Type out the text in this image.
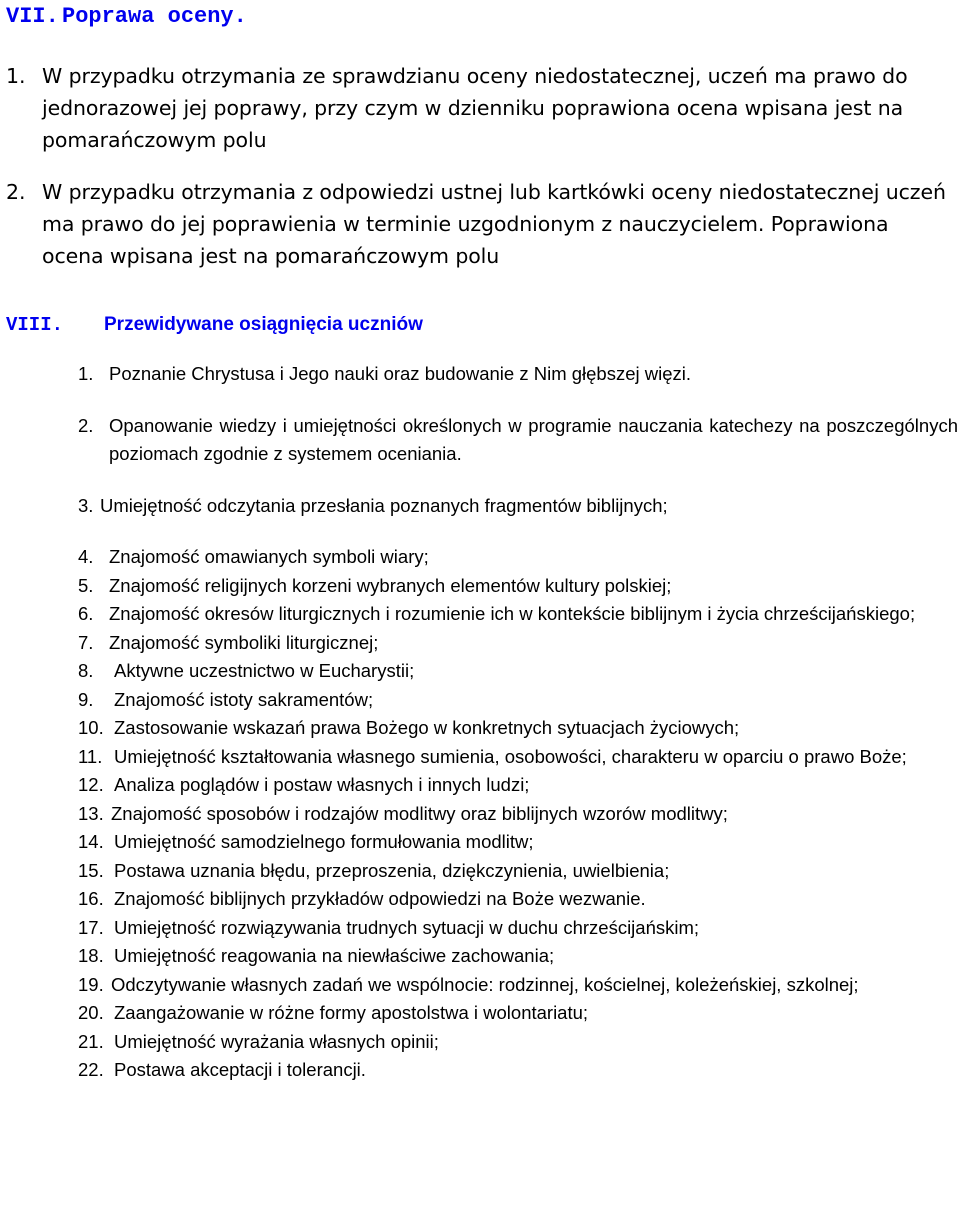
VII. Poprawa oceny.
1. W przypadku otrzymania ze sprawdzianu oceny niedostatecznej, uczeń ma prawo do jednorazowej jej poprawy, przy czym w dzienniku poprawiona ocena wpisana jest na pomarańczowym polu
2. W przypadku otrzymania z odpowiedzi ustnej lub kartkówki oceny niedostatecznej uczeń ma prawo do jej poprawienia w terminie uzgodnionym z nauczycielem. Poprawiona ocena wpisana jest na pomarańczowym polu
VIII. Przewidywane osiągnięcia uczniów
1. Poznanie Chrystusa i Jego nauki oraz budowanie z Nim głębszej więzi.
2. Opanowanie wiedzy i umiejętności określonych w programie nauczania katechezy na poszczególnych poziomach zgodnie z systemem oceniania.
3. Umiejętność odczytania przesłania poznanych fragmentów biblijnych;
4. Znajomość omawianych symboli wiary;
5. Znajomość religijnych korzeni wybranych elementów kultury polskiej;
6. Znajomość okresów liturgicznych i rozumienie ich w kontekście biblijnym i życia chrześcijańskiego;
7. Znajomość symboliki liturgicznej;
8. Aktywne uczestnictwo w Eucharystii;
9. Znajomość istoty sakramentów;
10. Zastosowanie wskazań prawa Bożego w konkretnych sytuacjach życiowych;
11. Umiejętność kształtowania własnego sumienia, osobowości, charakteru w oparciu o prawo Boże;
12. Analiza poglądów i postaw własnych i innych ludzi;
13. Znajomość sposobów i rodzajów modlitwy oraz biblijnych wzorów modlitwy;
14. Umiejętność samodzielnego formułowania modlitw;
15. Postawa uznania błędu, przeproszenia, dziękczynienia, uwielbienia;
16. Znajomość biblijnych przykładów odpowiedzi na Boże wezwanie.
17. Umiejętność rozwiązywania trudnych sytuacji w duchu chrześcijańskim;
18. Umiejętność reagowania na niewłaściwe zachowania;
19. Odczytywanie własnych zadań we wspólnocie: rodzinnej, kościelnej, koleżeńskiej, szkolnej;
20. Zaangażowanie w różne formy apostolstwa i wolontariatu;
21. Umiejętność wyrażania własnych opinii;
22. Postawa akceptacji i tolerancji.
